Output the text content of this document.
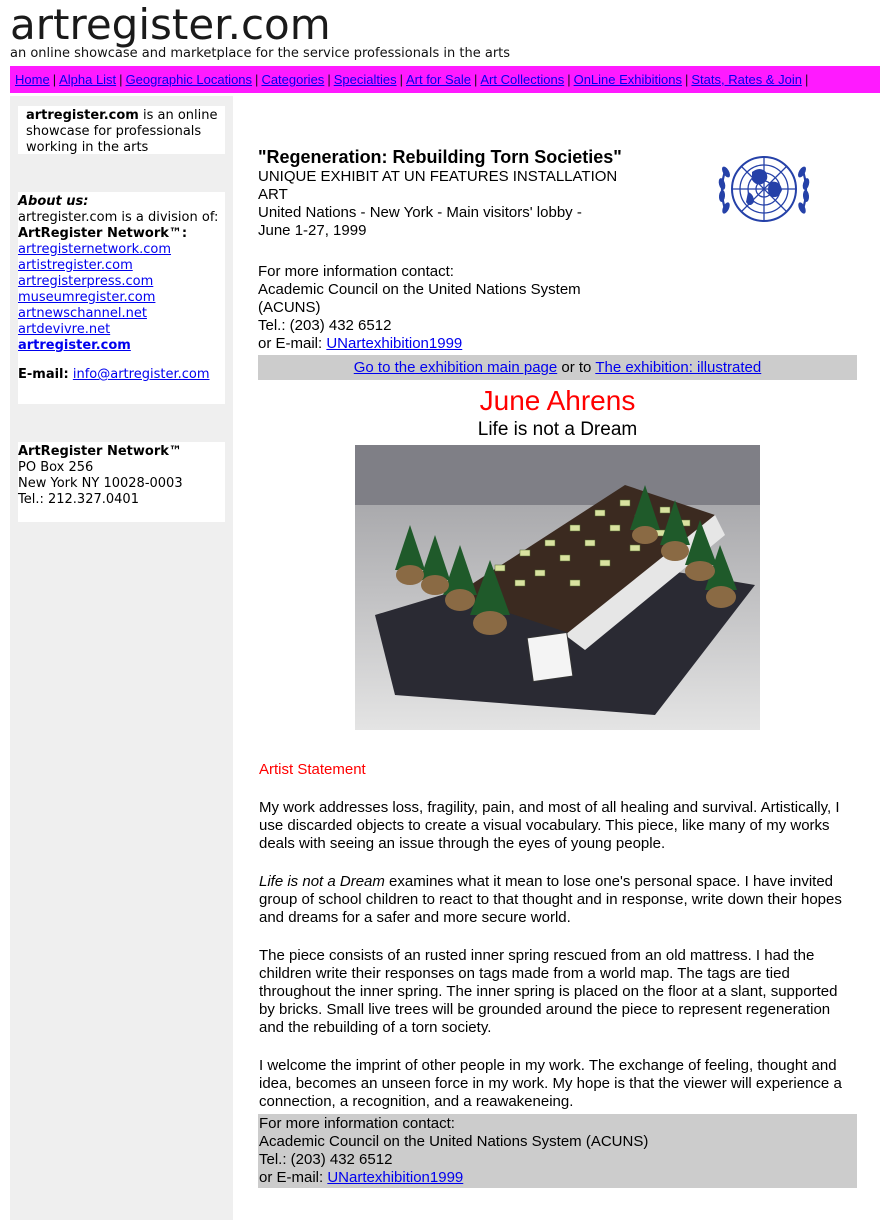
artregister.com
an online showcase and marketplace for the service professionals in the arts
Home | Alpha List | Geographic Locations | Categories | Specialties | Art for Sale | Art Collections | OnLine Exhibitions | Stats, Rates & Join |
artregister.com is an online showcase for professionals working in the arts
About us:
artregister.com is a division of:
ArtRegister Network™:
artregisternetwork.com
artistregister.com
artregisterpress.com
museumregister.com
artnewschannel.net
artdevivre.net
artregister.com
E-mail: info@artregister.com
ArtRegister Network™
PO Box 256
New York NY 10028-0003
Tel.: 212.327.0401
"Regeneration: Rebuilding Torn Societies"
UNIQUE EXHIBIT AT UN FEATURES INSTALLATION
ART
United Nations - New York - Main visitors' lobby -
June 1-27, 1999
For more information contact:
Academic Council on the United Nations System
(ACUNS)
Tel.: (203) 432 6512
or E-mail: UNartexhibition1999
Go to the exhibition main page or to The exhibition: illustrated
June Ahrens
Life is not a Dream
Artist Statement
My work addresses loss, fragility, pain, and most of all healing and survival. Artistically, I use discarded objects to create a visual vocabulary. This piece, like many of my works deals with seeing an issue through the eyes of young people.
Life is not a Dream examines what it mean to lose one's personal space. I have invited group of school children to react to that thought and in response, write down their hopes and dreams for a safer and more secure world.
The piece consists of an rusted inner spring rescued from an old mattress. I had the children write their responses on tags made from a world map. The tags are tied throughout the inner spring. The inner spring is placed on the floor at a slant, supported by bricks. Small live trees will be grounded around the piece to represent regeneration and the rebuilding of a torn society.
I welcome the imprint of other people in my work. The exchange of feeling, thought and idea, becomes an unseen force in my work. My hope is that the viewer will experience a connection, a recognition, and a reawakeneing.
For more information contact:
Academic Council on the United Nations System (ACUNS)
Tel.: (203) 432 6512
or E-mail: UNartexhibition1999
